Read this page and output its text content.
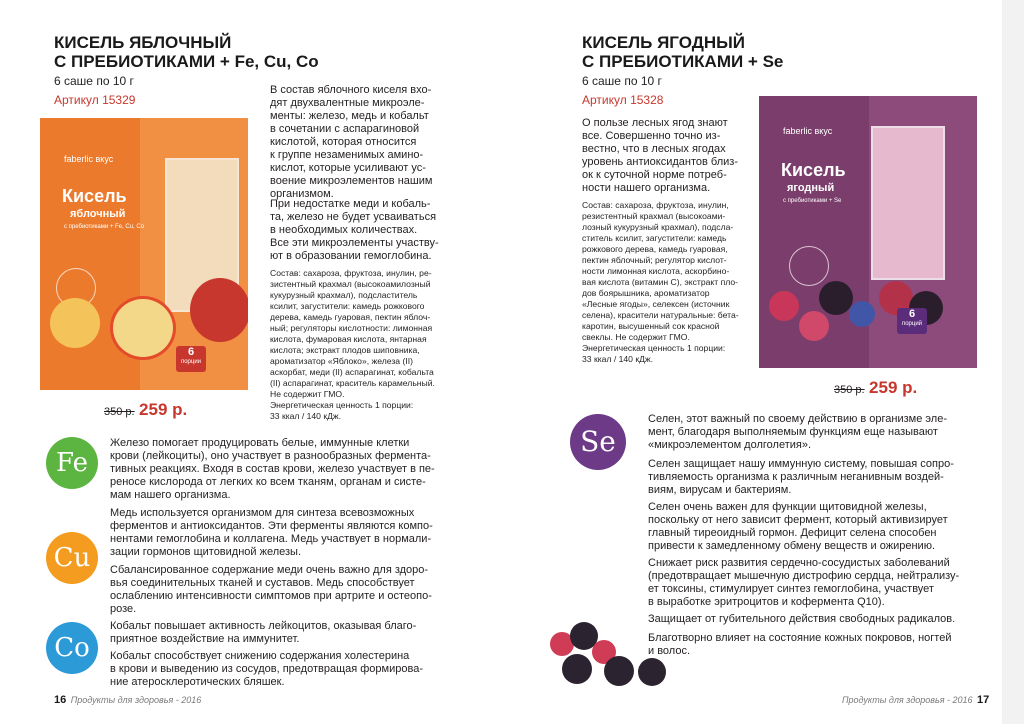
КИСЕЛЬ ЯБЛОЧНЫЙ
С ПРЕБИОТИКАМИ + Fe, Cu, Co
6 саше по 10 г
Артикул 15329
faberlic вкус
Кисель
яблочный
с пребиотиками + Fe, Cu, Co
6
порции
350 р. 259 р.
В состав яблочного киселя вхо-
дят двухвалентные микроэле-
менты: железо, медь и кобальт
в сочетании с аспарагиновой
кислотой, которая относится
к группе незаменимых амино-
кислот, которые усиливают ус-
воение микроэлементов нашим
организмом.
При недостатке меди и кобаль-
та, железо не будет усваиваться
в необходимых количествах.
Все эти микроэлементы участву-
ют в образовании гемоглобина.
Состав: сахароза, фруктоза, инулин, ре-
зистентный крахмал (высокоамилозный
кукурузный крахмал), подсластитель
ксилит, загустители: камедь рожкового
дерева, камедь гуаровая, пектин яблоч-
ный; регуляторы кислотности: лимонная
кислота, фумаровая кислота, янтарная
кислота; экстракт плодов шиповника,
ароматизатор «Яблоко», железа (II)
аскорбат, меди (II) аспарагинат, кобальта
(II) аспарагинат, краситель карамельный.
Не содержит ГМО.
Энергетическая ценность 1 порции:
33 ккал / 140 кДж.
Fe
Железо помогает продуцировать белые, иммунные клетки
крови (лейкоциты), оно участвует в разнообразных фермента-
тивных реакциях. Входя в состав крови, железо участвует в пе-
реносе кислорода от легких ко всем тканям, органам и систе-
мам нашего организма.
Cu
Медь используется организмом для синтеза всевозможных
ферментов и антиоксидантов. Эти ферменты являются компо-
нентами гемоглобина и коллагена. Медь участвует в нормали-
зации гормонов щитовидной железы.
Сбалансированное содержание меди очень важно для здоро-
вья соединительных тканей и суставов. Медь способствует
ослаблению интенсивности симптомов при артрите и остеопо-
розе.
Co
Кобальт повышает активность лейкоцитов, оказывая благо-
приятное воздействие на иммунитет.
Кобальт способствует снижению содержания холестерина
в крови и выведению из сосудов, предотвращая формирова-
ние атеросклеротических бляшек.
16 Продукты для здоровья - 2016
КИСЕЛЬ ЯГОДНЫЙ
С ПРЕБИОТИКАМИ + Se
6 саше по 10 г
Артикул 15328
О пользе лесных ягод знают
все. Совершенно точно из-
вестно, что в лесных ягодах
уровень антиоксидантов близ-
ок к суточной норме потреб-
ности нашего организма.
Состав: сахароза, фруктоза, инулин,
резистентный крахмал (высокоами-
лозный кукурузный крахмал), подсла-
ститель ксилит, загустители: камедь
рожкового дерева, камедь гуаровая,
пектин яблочный; регулятор кислот-
ности лимонная кислота, аскорбино-
вая кислота (витамин С), экстракт пло-
дов боярышника, ароматизатор
«Лесные ягоды», селексен (источник
селена), красители натуральные: бета-
каротин, высушенный сок красной
свеклы. Не содержит ГМО.
Энергетическая ценность 1 порции:
33 ккал / 140 кДж.
faberlic вкус
Кисель
ягодный
с пребиотиками + Se
6
порций
350 р. 259 р.
Se
Селен, этот важный по своему действию в организме эле-
мент, благодаря выполняемым функциям еще называют
«микроэлементом долголетия».
Селен защищает нашу иммунную систему, повышая сопро-
тивляемость организма к различным неганивным воздей-
виям, вирусам и бактериям.
Селен очень важен для функции щитовидной железы,
поскольку от него зависит фермент, который активизирует
главный тиреоидный гормон. Дефицит селена способен
привести к замедленному обмену веществ и ожирению.
Снижает риск развития сердечно-сосудистых заболеваний
(предотвращает мышечную дистрофию сердца, нейтрализу-
ет токсины, стимулирует синтез гемоглобина, участвует
в выработке эритроцитов и кофермента Q10).
Защищает от губительного действия свободных радикалов.
Благотворно влияет на состояние кожных покровов, ногтей
и волос.
Продукты для здоровья - 2016 17
